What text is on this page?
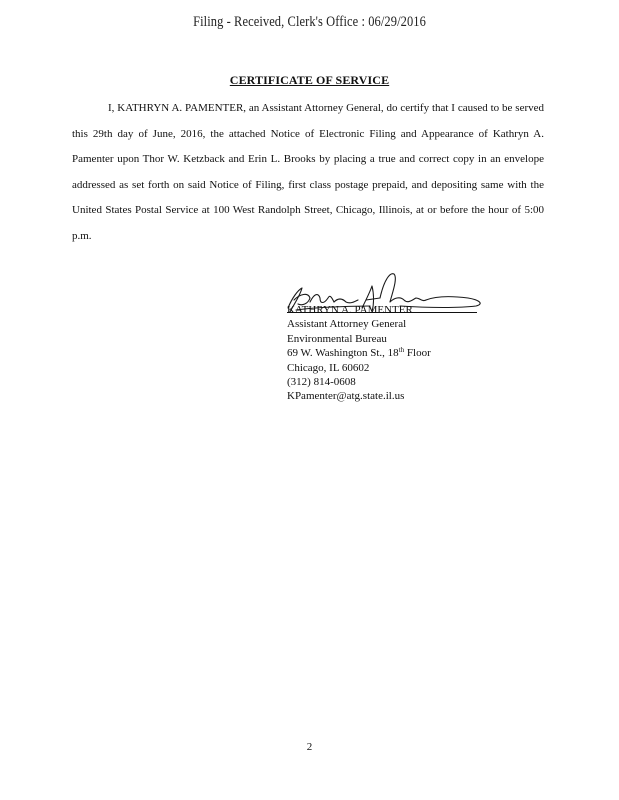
Filing - Received, Clerk's Office : 06/29/2016
CERTIFICATE OF SERVICE

I, KATHRYN A. PAMENTER, an Assistant Attorney General, do certify that I caused to be served this 29th day of June, 2016, the attached Notice of Electronic Filing and Appearance of Kathryn A. Pamenter upon Thor W. Ketzback and Erin L. Brooks by placing a true and correct copy in an envelope addressed as set forth on said Notice of Filing, first class postage prepaid, and depositing same with the United States Postal Service at 100 West Randolph Street, Chicago, Illinois, at or before the hour of 5:00 p.m.

KATHRYN A. PAMENTER
Assistant Attorney General
Environmental Bureau
69 W. Washington St., 18th Floor
Chicago, IL 60602
(312) 814-0608
KPamenter@atg.state.il.us
2
